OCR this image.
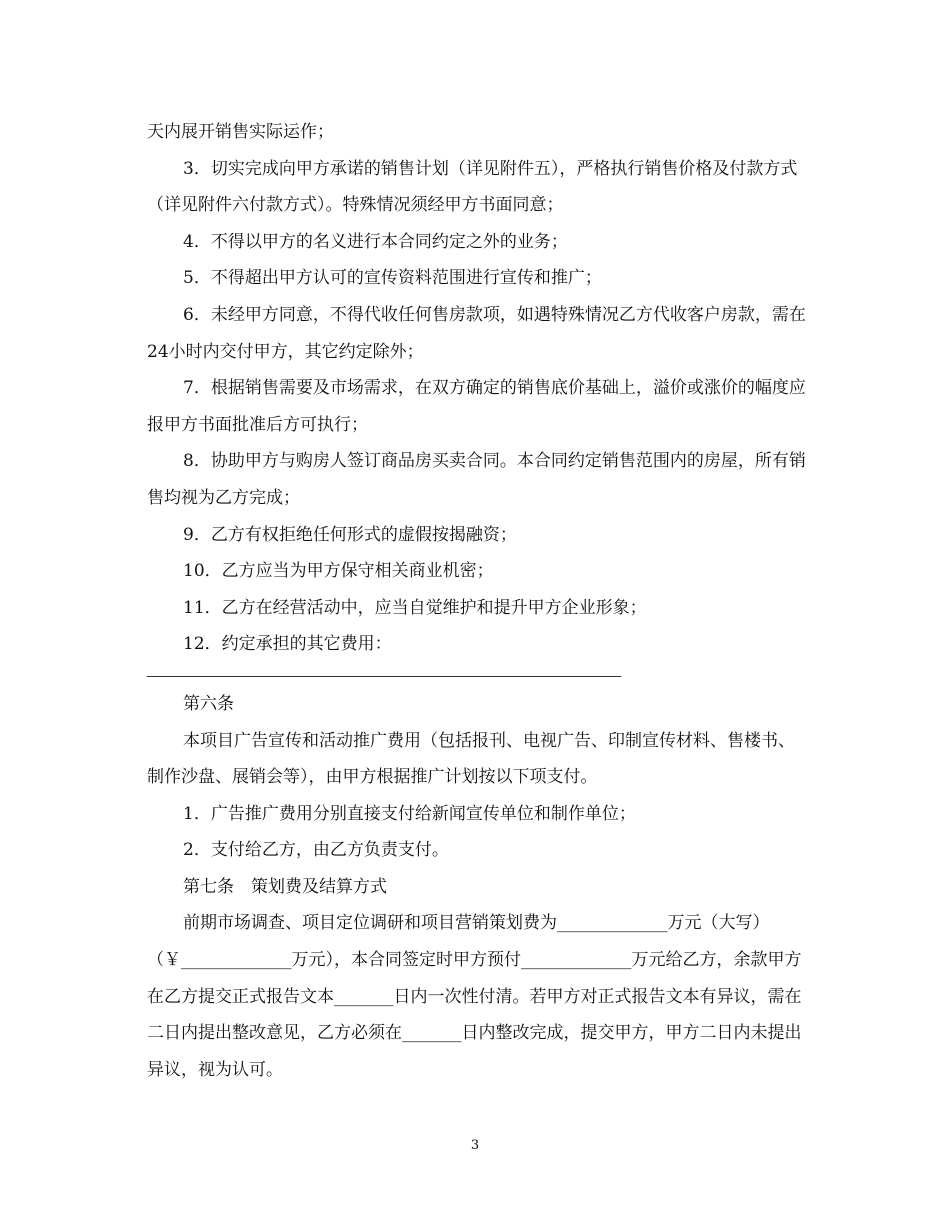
天内展开销售实际运作；

3．切实完成向甲方承诺的销售计划（详见附件五），严格执行销售价格及付款方式（详见附件六付款方式）。特殊情况须经甲方书面同意；

4．不得以甲方的名义进行本合同约定之外的业务；

5．不得超出甲方认可的宣传资料范围进行宣传和推广；

6．未经甲方同意，不得代收任何售房款项，如遇特殊情况乙方代收客户房款，需在24小时内交付甲方，其它约定除外；

7．根据销售需要及市场需求，在双方确定的销售底价基础上，溢价或涨价的幅度应报甲方书面批准后方可执行；

8．协助甲方与购房人签订商品房买卖合同。本合同约定销售范围内的房屋，所有销售均视为乙方完成；

9．乙方有权拒绝任何形式的虚假按揭融资；

10．乙方应当为甲方保守相关商业机密；

11．乙方在经营活动中，应当自觉维护和提升甲方企业形象；

12．约定承担的其它费用：

第六条

本项目广告宣传和活动推广费用（包括报刊、电视广告、印制宣传材料、售楼书、制作沙盘、展销会等），由甲方根据推广计划按以下项支付。

1．广告推广费用分别直接支付给新闻宣传单位和制作单位；

2．支付给乙方，由乙方负责支付。

第七条　策划费及结算方式

前期市场调查、项目定位调研和项目营销策划费为_____________万元（大写）（￥_____________万元），本合同签定时甲方预付_____________万元给乙方，余款甲方在乙方提交正式报告文本_______日内一次性付清。若甲方对正式报告文本有异议，需在二日内提出整改意见，乙方必须在_______日内整改完成，提交甲方，甲方二日内未提出异议，视为认可。

3
